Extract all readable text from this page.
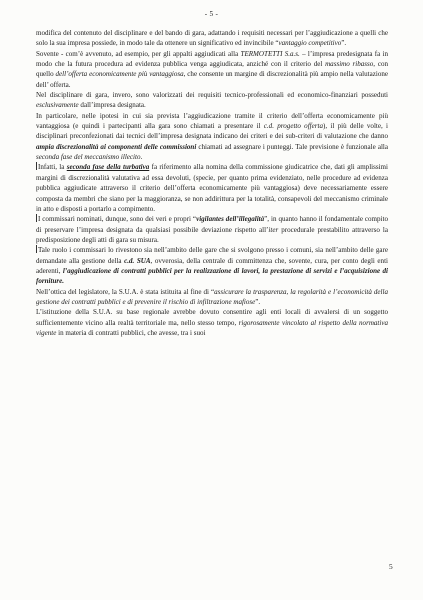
- 5 -

modifica del contenuto del disciplinare e del bando di gara, adattando i requisiti necessari per l’aggiudicazione a quelli che solo la sua impresa possiede, in modo tale da ottenere un significativo ed invincibile “vantaggio competitivo”.

Sovente - com’è avvenuto, ad esempio, per gli appalti aggiudicati alla TERMOTETTI S.a.s. – l’impresa predesignata fa in modo che la futura procedura ad evidenza pubblica venga aggiudicata, anziché con il criterio del massimo ribasso, con quello dell’offerta economicamente più vantaggiosa, che consente un margine di discrezionalità più ampio nella valutazione dell’ offerta.

Nel disciplinare di gara, invero, sono valorizzati dei requisiti tecnico-professionali ed economico-finanziari posseduti esclusivamente dall’impresa designata.

In particolare, nelle ipotesi in cui sia prevista l’aggiudicazione tramite il criterio dell’offerta economicamente più vantaggiosa (e quindi i partecipanti alla gara sono chiamati a presentare il c.d. progetto offerta), il più delle volte, i disciplinari preconfezionati dai tecnici dell’impresa designata indicano dei criteri e dei sub-criteri di valutazione che danno ampia discrezionalità ai componenti delle commissioni chiamati ad assegnare i punteggi. Tale previsione è funzionale alla seconda fase del meccanismo illecito.

Infatti, la seconda fase della turbativa fa riferimento alla nomina della commissione giudicatrice che, dati gli amplissimi margini di discrezionalità valutativa ad essa devoluti, (specie, per quanto prima evidenziato, nelle procedure ad evidenza pubblica aggiudicate attraverso il criterio dell’offerta economicamente più vantaggiosa) deve necessariamente essere composta da membri che siano per la maggioranza, se non addirittura per la totalità, consapevoli del meccanismo criminale in atto e disposti a portarlo a compimento.

I commissari nominati, dunque, sono dei veri e propri “vigilantes dell’illegalità”, in quanto hanno il fondamentale compito di preservare l’impresa designata da qualsiasi possibile deviazione rispetto all’iter procedurale prestabilito attraverso la predisposizione degli atti di gara su misura.

Tale ruolo i commissari lo rivestono sia nell’ambito delle gare che si svolgono presso i comuni, sia nell’ambito delle gare demandate alla gestione della c.d. SUA, ovverosia, della centrale di committenza che, sovente, cura, per conto degli enti aderenti, l’aggiudicazione di contratti pubblici per la realizzazione di lavori, la prestazione di servizi e l’acquisizione di forniture.

Nell’ottica del legislatore, la S.U.A. è stata istituita al fine di “assicurare la trasparenza, la regolarità e l’economicità della gestione dei contratti pubblici e di prevenire il rischio di infiltrazione mafiose”.

L’istituzione della S.U.A. su base regionale avrebbe dovuto consentire agli enti locali di avvalersi di un soggetto sufficientemente vicino alla realtà territoriale ma, nello stesso tempo, rigorosamente vincolato al rispetto della normativa vigente in materia di contratti pubblici, che avesse, tra i suoi

5
